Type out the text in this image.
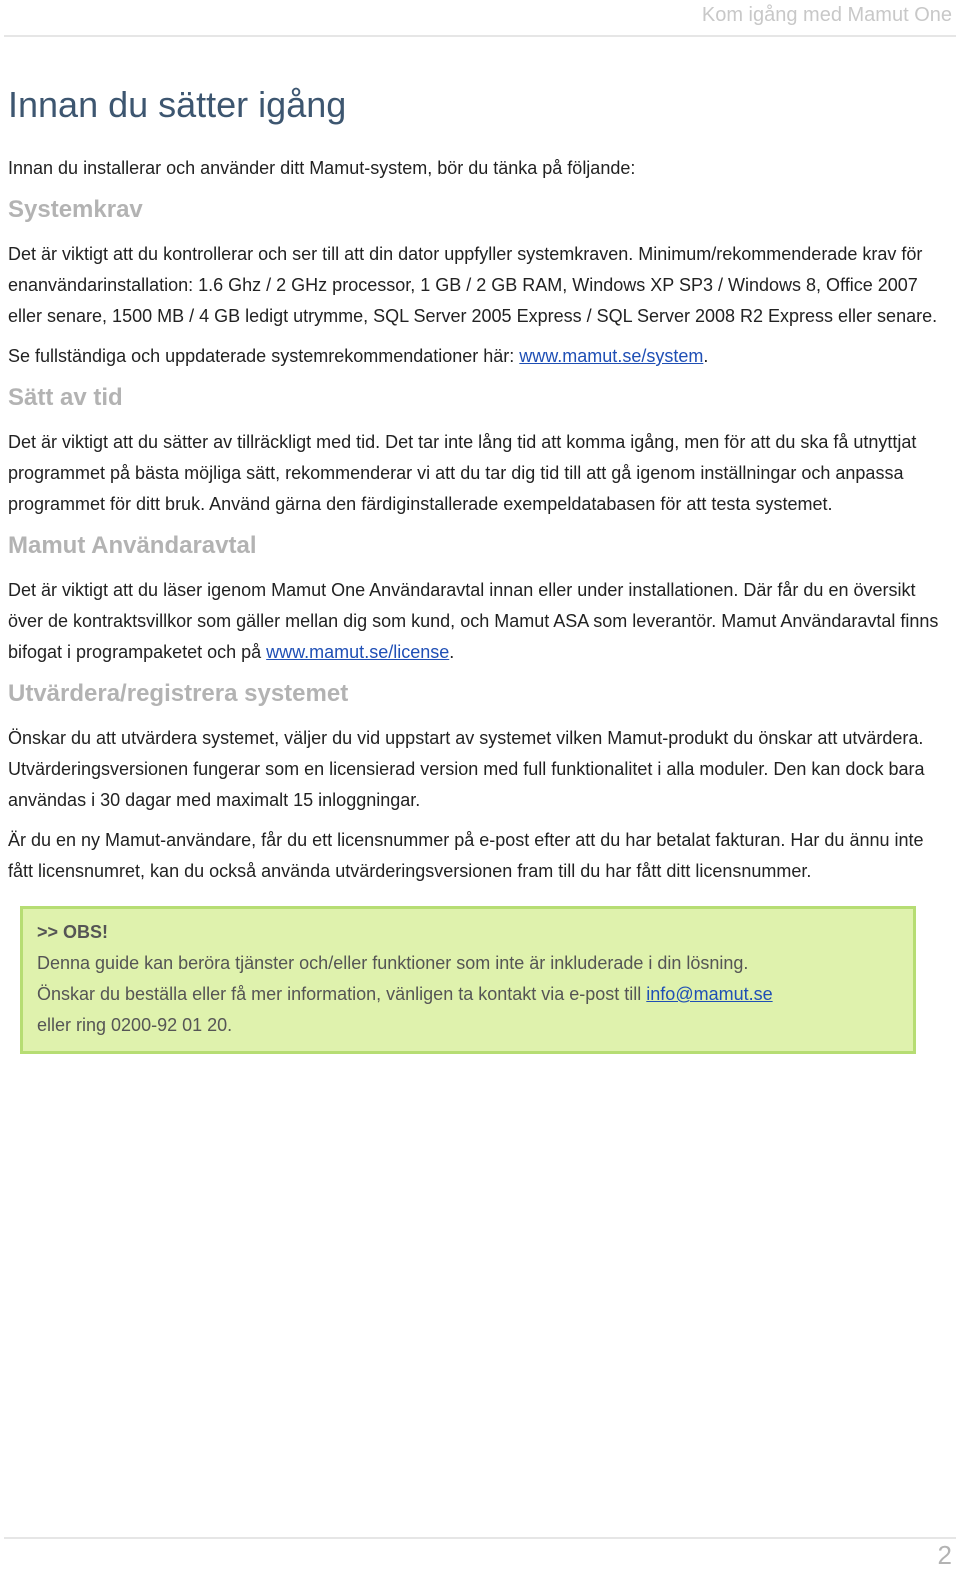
Kom igång med Mamut One
Innan du sätter igång

Innan du installerar och använder ditt Mamut-system, bör du tänka på följande:

Systemkrav

Det är viktigt att du kontrollerar och ser till att din dator uppfyller systemkraven. Minimum/rekommenderade krav för enanvändarinstallation: 1.6 Ghz / 2 GHz processor, 1 GB / 2 GB RAM, Windows XP SP3 / Windows 8, Office 2007 eller senare, 1500 MB / 4 GB ledigt utrymme, SQL Server 2005 Express / SQL Server 2008 R2 Express eller senare.

Se fullständiga och uppdaterade systemrekommendationer här: www.mamut.se/system.

Sätt av tid

Det är viktigt att du sätter av tillräckligt med tid. Det tar inte lång tid att komma igång, men för att du ska få utnyttjat programmet på bästa möjliga sätt, rekommenderar vi att du tar dig tid till att gå igenom inställningar och anpassa programmet för ditt bruk. Använd gärna den färdiginstallerade exempeldatabasen för att testa systemet.

Mamut Användaravtal

Det är viktigt att du läser igenom Mamut One Användaravtal innan eller under installationen. Där får du en översikt över de kontraktsvillkor som gäller mellan dig som kund, och Mamut ASA som leverantör. Mamut Användaravtal finns bifogat i programpaketet och på www.mamut.se/license.

Utvärdera/registrera systemet

Önskar du att utvärdera systemet, väljer du vid uppstart av systemet vilken Mamut-produkt du önskar att utvärdera. Utvärderingsversionen fungerar som en licensierad version med full funktionalitet i alla moduler. Den kan dock bara användas i 30 dagar med maximalt 15 inloggningar.

Är du en ny Mamut-användare, får du ett licensnummer på e-post efter att du har betalat fakturan. Har du ännu inte fått licensnumret, kan du också använda utvärderingsversionen fram till du har fått ditt licensnummer.

>> OBS!

Denna guide kan beröra tjänster och/eller funktioner som inte är inkluderade i din lösning.

Önskar du beställa eller få mer information, vänligen ta kontakt via e-post till info@mamut.se

eller ring 0200-92 01 20.

2
